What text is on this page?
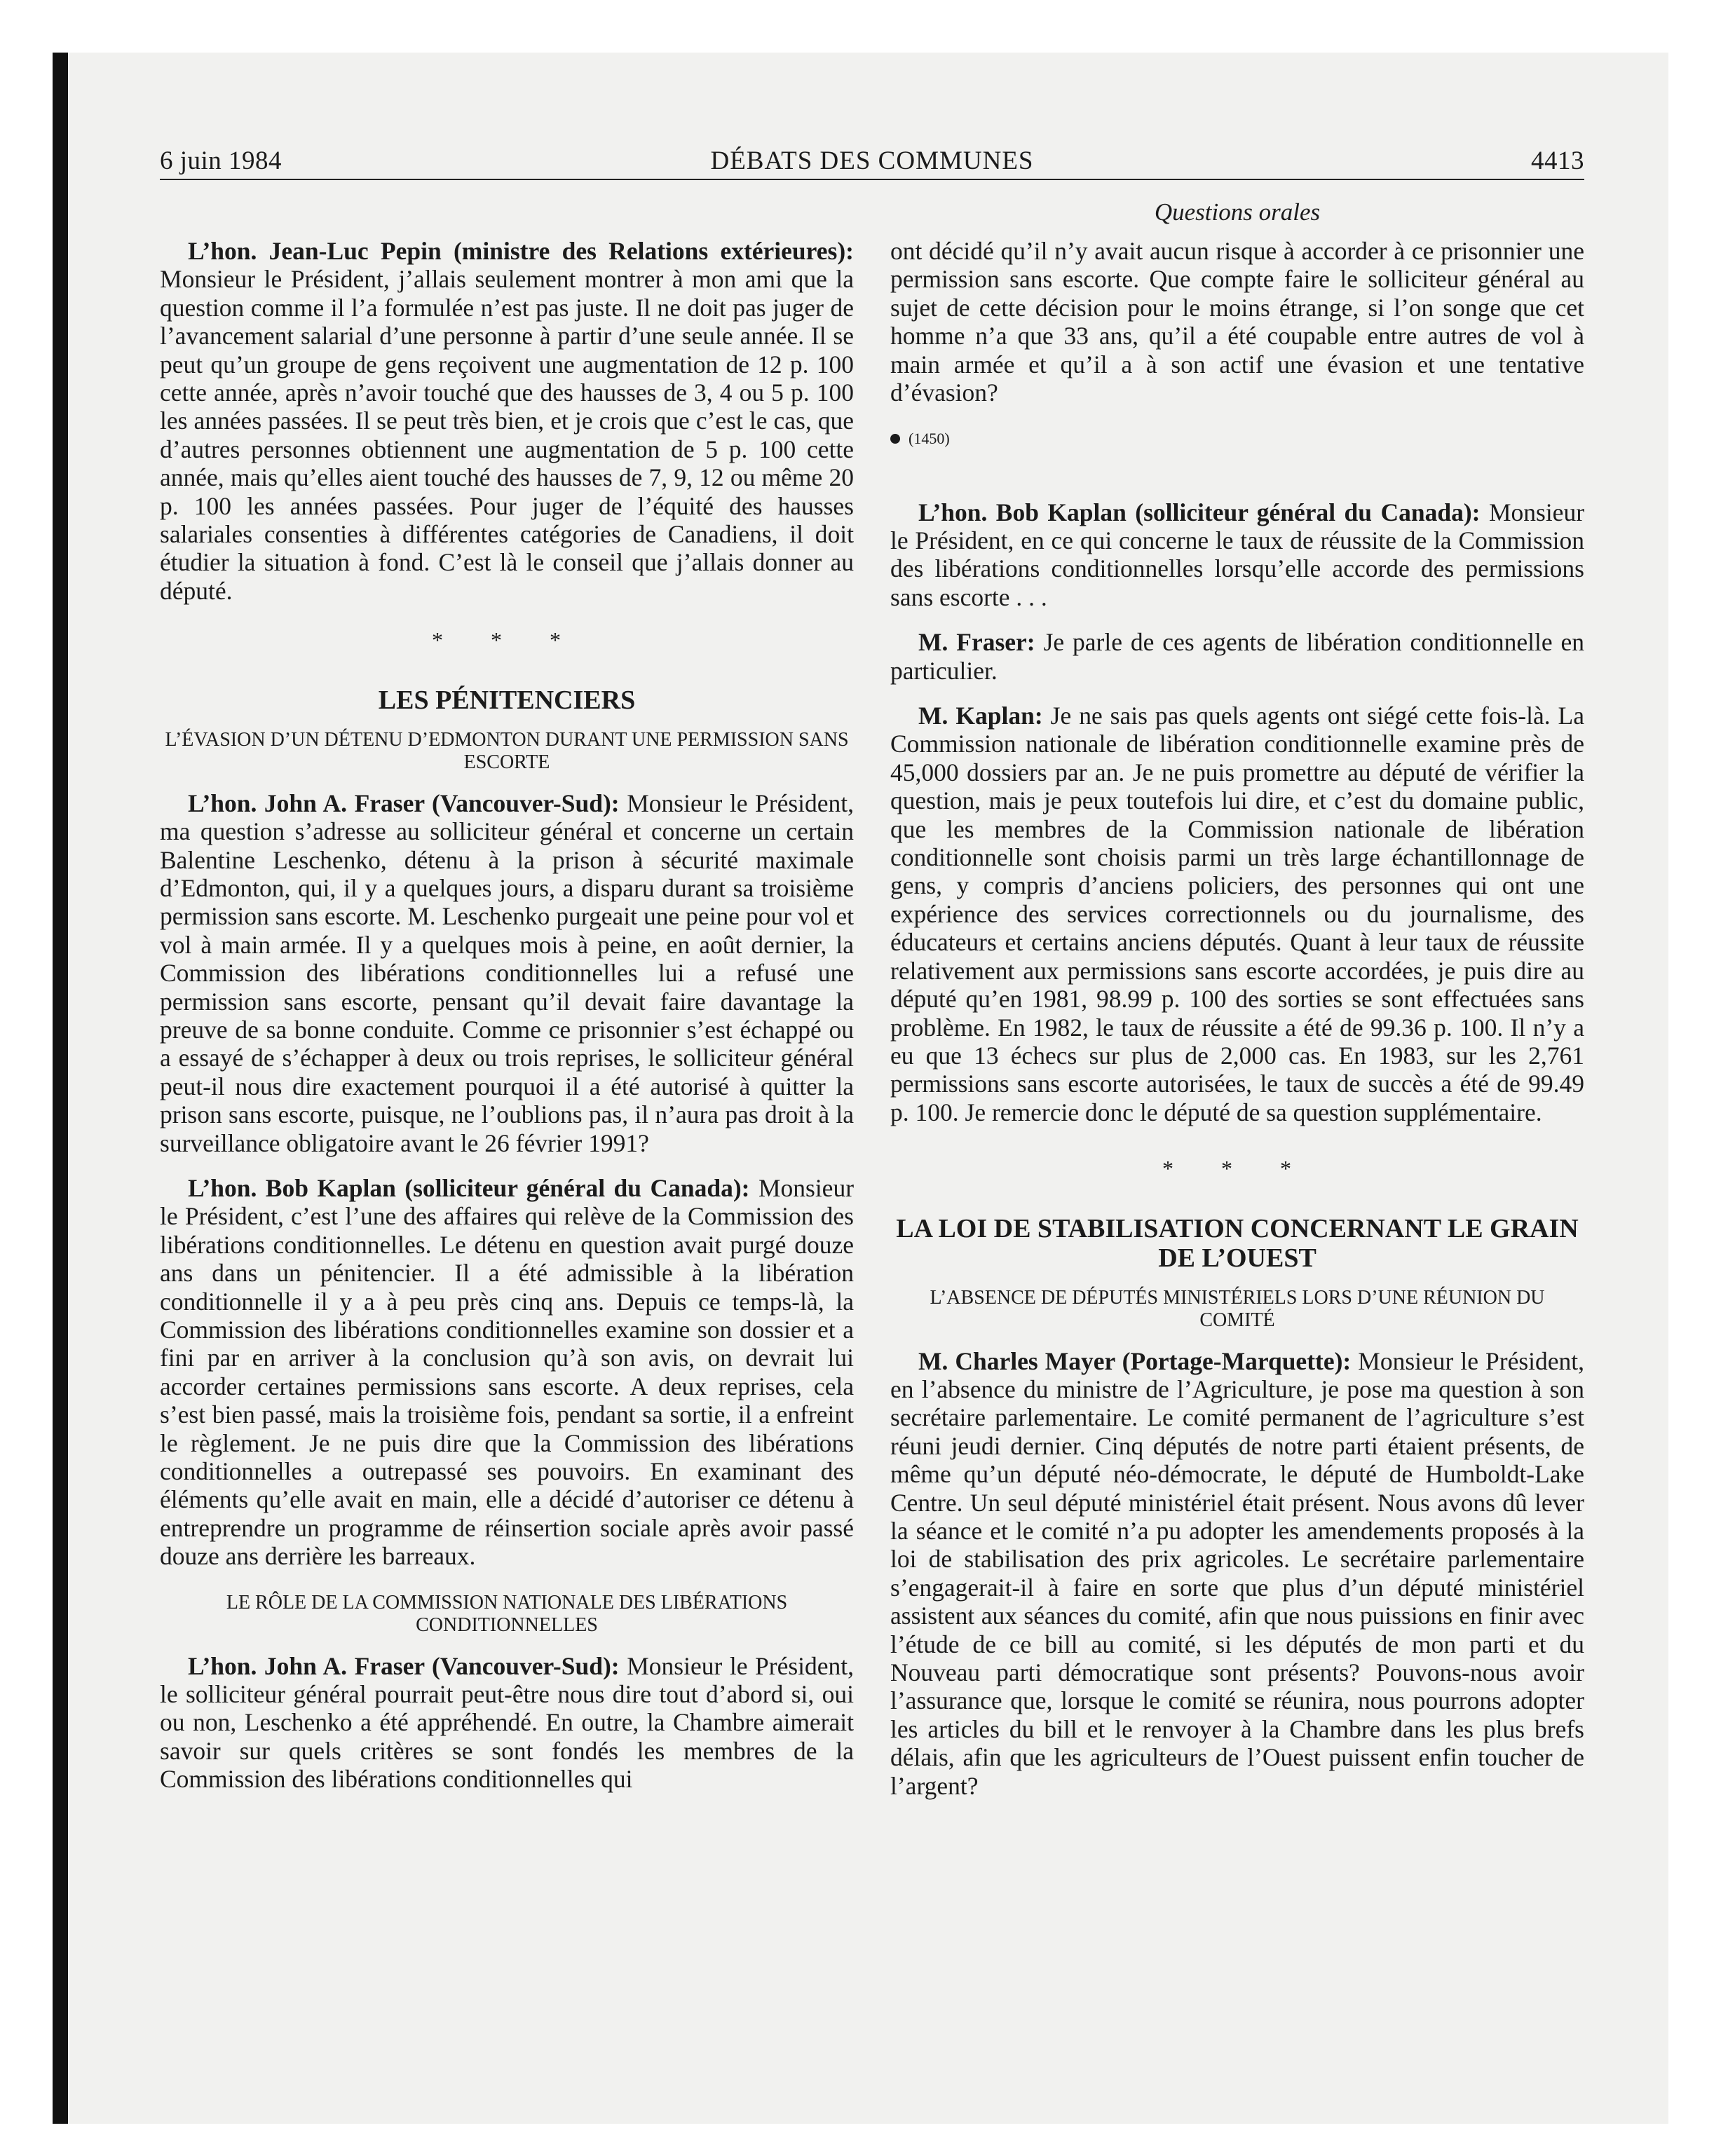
6 juin 1984	DÉBATS DES COMMUNES	4413
Questions orales

L’hon. Jean-Luc Pepin (ministre des Relations extérieures): Monsieur le Président, j’allais seulement montrer à mon ami que la question comme il l’a formulée n’est pas juste. Il ne doit pas juger de l’avancement salarial d’une personne à partir d’une seule année. Il se peut qu’un groupe de gens reçoivent une augmentation de 12 p. 100 cette année, après n’avoir touché que des hausses de 3, 4 ou 5 p. 100 les années passées. Il se peut très bien, et je crois que c’est le cas, que d’autres personnes obtiennent une augmentation de 5 p. 100 cette année, mais qu’elles aient touché des hausses de 7, 9, 12 ou même 20 p. 100 les années passées. Pour juger de l’équité des hausses salariales consenties à différentes catégories de Canadiens, il doit étudier la situation à fond. C’est là le conseil que j’allais donner au député.

* * *
LES PÉNITENCIERS
L’ÉVASION D’UN DÉTENU D’EDMONTON DURANT UNE PERMISSION SANS ESCORTE

L’hon. John A. Fraser (Vancouver-Sud): Monsieur le Président, ma question s’adresse au solliciteur général et concerne un certain Balentine Leschenko, détenu à la prison à sécurité maximale d’Edmonton, qui, il y a quelques jours, a disparu durant sa troisième permission sans escorte. M. Leschenko purgeait une peine pour vol et vol à main armée. Il y a quelques mois à peine, en août dernier, la Commission des libérations conditionnelles lui a refusé une permission sans escorte, pensant qu’il devait faire davantage la preuve de sa bonne conduite. Comme ce prisonnier s’est échappé ou a essayé de s’échapper à deux ou trois reprises, le solliciteur général peut-il nous dire exactement pourquoi il a été autorisé à quitter la prison sans escorte, puisque, ne l’oublions pas, il n’aura pas droit à la surveillance obligatoire avant le 26 février 1991?

L’hon. Bob Kaplan (solliciteur général du Canada): Monsieur le Président, c’est l’une des affaires qui relève de la Commission des libérations conditionnelles. Le détenu en question avait purgé douze ans dans un pénitencier. Il a été admissible à la libération conditionnelle il y a à peu près cinq ans. Depuis ce temps-là, la Commission des libérations conditionnelles examine son dossier et a fini par en arriver à la conclusion qu’à son avis, on devrait lui accorder certaines permissions sans escorte. A deux reprises, cela s’est bien passé, mais la troisième fois, pendant sa sortie, il a enfreint le règlement. Je ne puis dire que la Commission des libérations conditionnelles a outrepassé ses pouvoirs. En examinant des éléments qu’elle avait en main, elle a décidé d’autoriser ce détenu à entreprendre un programme de réinsertion sociale après avoir passé douze ans derrière les barreaux.

LE RÔLE DE LA COMMISSION NATIONALE DES LIBÉRATIONS CONDITIONNELLES

L’hon. John A. Fraser (Vancouver-Sud): Monsieur le Président, le solliciteur général pourrait peut-être nous dire tout d’abord si, oui ou non, Leschenko a été appréhendé. En outre, la Chambre aimerait savoir sur quels critères se sont fondés les membres de la Commission des libérations conditionnelles qui

ont décidé qu’il n’y avait aucun risque à accorder à ce prisonnier une permission sans escorte. Que compte faire le solliciteur général au sujet de cette décision pour le moins étrange, si l’on songe que cet homme n’a que 33 ans, qu’il a été coupable entre autres de vol à main armée et qu’il a à son actif une évasion et une tentative d’évasion?

(1450)

L’hon. Bob Kaplan (solliciteur général du Canada): Monsieur le Président, en ce qui concerne le taux de réussite de la Commission des libérations conditionnelles lorsqu’elle accorde des permissions sans escorte . . .

M. Fraser: Je parle de ces agents de libération conditionnelle en particulier.

M. Kaplan: Je ne sais pas quels agents ont siégé cette fois-là. La Commission nationale de libération conditionnelle examine près de 45,000 dossiers par an. Je ne puis promettre au député de vérifier la question, mais je peux toutefois lui dire, et c’est du domaine public, que les membres de la Commission nationale de libération conditionnelle sont choisis parmi un très large échantillonnage de gens, y compris d’anciens policiers, des personnes qui ont une expérience des services correctionnels ou du journalisme, des éducateurs et certains anciens députés. Quant à leur taux de réussite relativement aux permissions sans escorte accordées, je puis dire au député qu’en 1981, 98.99 p. 100 des sorties se sont effectuées sans problème. En 1982, le taux de réussite a été de 99.36 p. 100. Il n’y a eu que 13 échecs sur plus de 2,000 cas. En 1983, sur les 2,761 permissions sans escorte autorisées, le taux de succès a été de 99.49 p. 100. Je remercie donc le député de sa question supplémentaire.

* * *
LA LOI DE STABILISATION CONCERNANT LE GRAIN DE L’OUEST
L’ABSENCE DE DÉPUTÉS MINISTÉRIELS LORS D’UNE RÉUNION DU COMITÉ

M. Charles Mayer (Portage-Marquette): Monsieur le Président, en l’absence du ministre de l’Agriculture, je pose ma question à son secrétaire parlementaire. Le comité permanent de l’agriculture s’est réuni jeudi dernier. Cinq députés de notre parti étaient présents, de même qu’un député néo-démocrate, le député de Humboldt-Lake Centre. Un seul député ministériel était présent. Nous avons dû lever la séance et le comité n’a pu adopter les amendements proposés à la loi de stabilisation des prix agricoles. Le secrétaire parlementaire s’engagerait-il à faire en sorte que plus d’un député ministériel assistent aux séances du comité, afin que nous puissions en finir avec l’étude de ce bill au comité, si les députés de mon parti et du Nouveau parti démocratique sont présents? Pouvons-nous avoir l’assurance que, lorsque le comité se réunira, nous pourrons adopter les articles du bill et le renvoyer à la Chambre dans les plus brefs délais, afin que les agriculteurs de l’Ouest puissent enfin toucher de l’argent?
